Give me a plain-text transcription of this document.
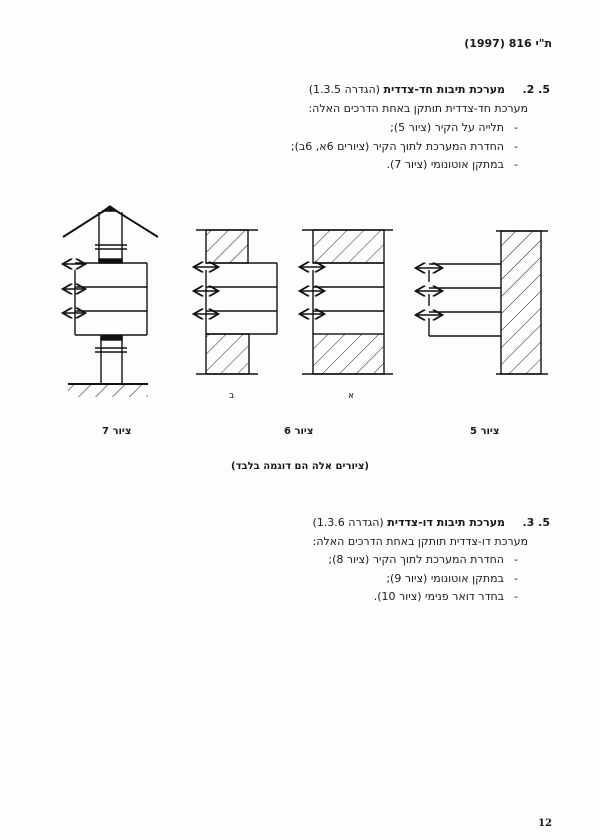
ת"י 816 (1997)
5. 2. מערכת תיבות חד-צדדית (הגדרה 1.3.5)
מערכת חד-צדדית תותקן באחת הדרכים האלה:
-תלייה על הקיר (ציור 5);
-החדרת המערכת לתוך הקיר (ציורים 6א, 6ב);
-במתקן אוטונומי (ציור 7).
ב	א
ציור 7	ציור 6	ציור 5
(ציורים אלה הם דוגמה בלבד)
5. 3. מערכת תיבות דו-צדדית (הגדרה 1.3.6)
מערכת דו-צדדית תותקן באחת הדרכים האלה:
-החדרת המערכת לתוך הקיר (ציור 8);
-במתקן אוטונומי (ציור 9);
-בחדר דואר פנימי (ציור 10).
12
